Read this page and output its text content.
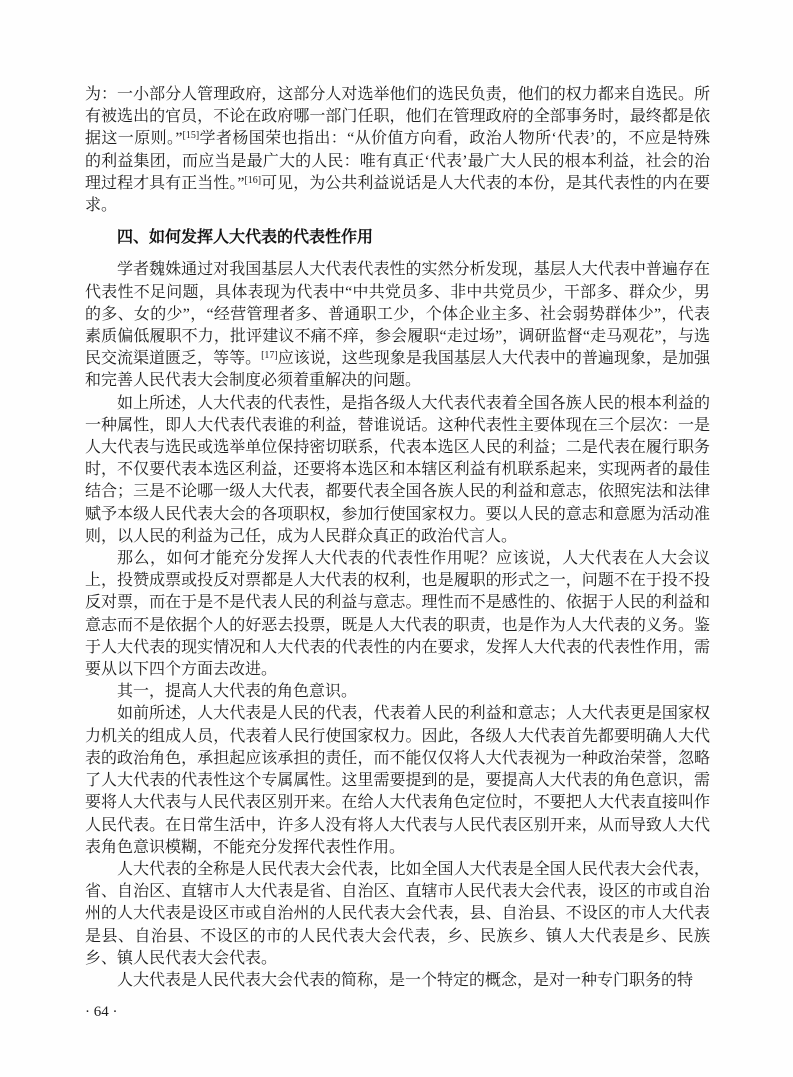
为：一小部分人管理政府，这部分人对选举他们的选民负责，他们的权力都来自选民。所有被选出的官员，不论在政府哪一部门任职，他们在管理政府的全部事务时，最终都是依据这一原则。”[15]学者杨国荣也指出：“从价值方向看，政治人物所‘代表’的，不应是特殊的利益集团，而应当是最广大的人民：唯有真正‘代表’最广大人民的根本利益，社会的治理过程才具有正当性。”[16]可见，为公共利益说话是人大代表的本份，是其代表性的内在要求。

四、如何发挥人大代表的代表性作用

学者魏姝通过对我国基层人大代表代表性的实然分析发现，基层人大代表中普遍存在代表性不足问题，具体表现为代表中“中共党员多、非中共党员少，干部多、群众少，男的多、女的少”，“经营管理者多、普通职工少，个体企业主多、社会弱势群体少”，代表素质偏低履职不力，批评建议不痛不痒，参会履职“走过场”，调研监督“走马观花”，与选民交流渠道匮乏，等等。[17]应该说，这些现象是我国基层人大代表中的普遍现象，是加强和完善人民代表大会制度必须着重解决的问题。

如上所述，人大代表的代表性，是指各级人大代表代表着全国各族人民的根本利益的一种属性，即人大代表代表谁的利益，替谁说话。这种代表性主要体现在三个层次：一是人大代表与选民或选举单位保持密切联系，代表本选区人民的利益；二是代表在履行职务时，不仅要代表本选区利益，还要将本选区和本辖区利益有机联系起来，实现两者的最佳结合；三是不论哪一级人大代表，都要代表全国各族人民的利益和意志，依照宪法和法律赋予本级人民代表大会的各项职权，参加行使国家权力。要以人民的意志和意愿为活动准则，以人民的利益为己任，成为人民群众真正的政治代言人。

那么，如何才能充分发挥人大代表的代表性作用呢？应该说，人大代表在人大会议上，投赞成票或投反对票都是人大代表的权利，也是履职的形式之一，问题不在于投不投反对票，而在于是不是代表人民的利益与意志。理性而不是感性的、依据于人民的利益和意志而不是依据个人的好恶去投票，既是人大代表的职责，也是作为人大代表的义务。鉴于人大代表的现实情况和人大代表的代表性的内在要求，发挥人大代表的代表性作用，需要从以下四个方面去改进。

其一，提高人大代表的角色意识。

如前所述，人大代表是人民的代表，代表着人民的利益和意志；人大代表更是国家权力机关的组成人员，代表着人民行使国家权力。因此，各级人大代表首先都要明确人大代表的政治角色，承担起应该承担的责任，而不能仅仅将人大代表视为一种政治荣誉，忽略了人大代表的代表性这个专属属性。这里需要提到的是，要提高人大代表的角色意识，需要将人大代表与人民代表区别开来。在给人大代表角色定位时，不要把人大代表直接叫作人民代表。在日常生活中，许多人没有将人大代表与人民代表区别开来，从而导致人大代表角色意识模糊，不能充分发挥代表性作用。

人大代表的全称是人民代表大会代表，比如全国人大代表是全国人民代表大会代表，省、自治区、直辖市人大代表是省、自治区、直辖市人民代表大会代表，设区的市或自治州的人大代表是设区市或自治州的人民代表大会代表，县、自治县、不设区的市人大代表是县、自治县、不设区的市的人民代表大会代表，乡、民族乡、镇人大代表是乡、民族乡、镇人民代表大会代表。

人大代表是人民代表大会代表的简称，是一个特定的概念，是对一种专门职务的特

· 64 ·
